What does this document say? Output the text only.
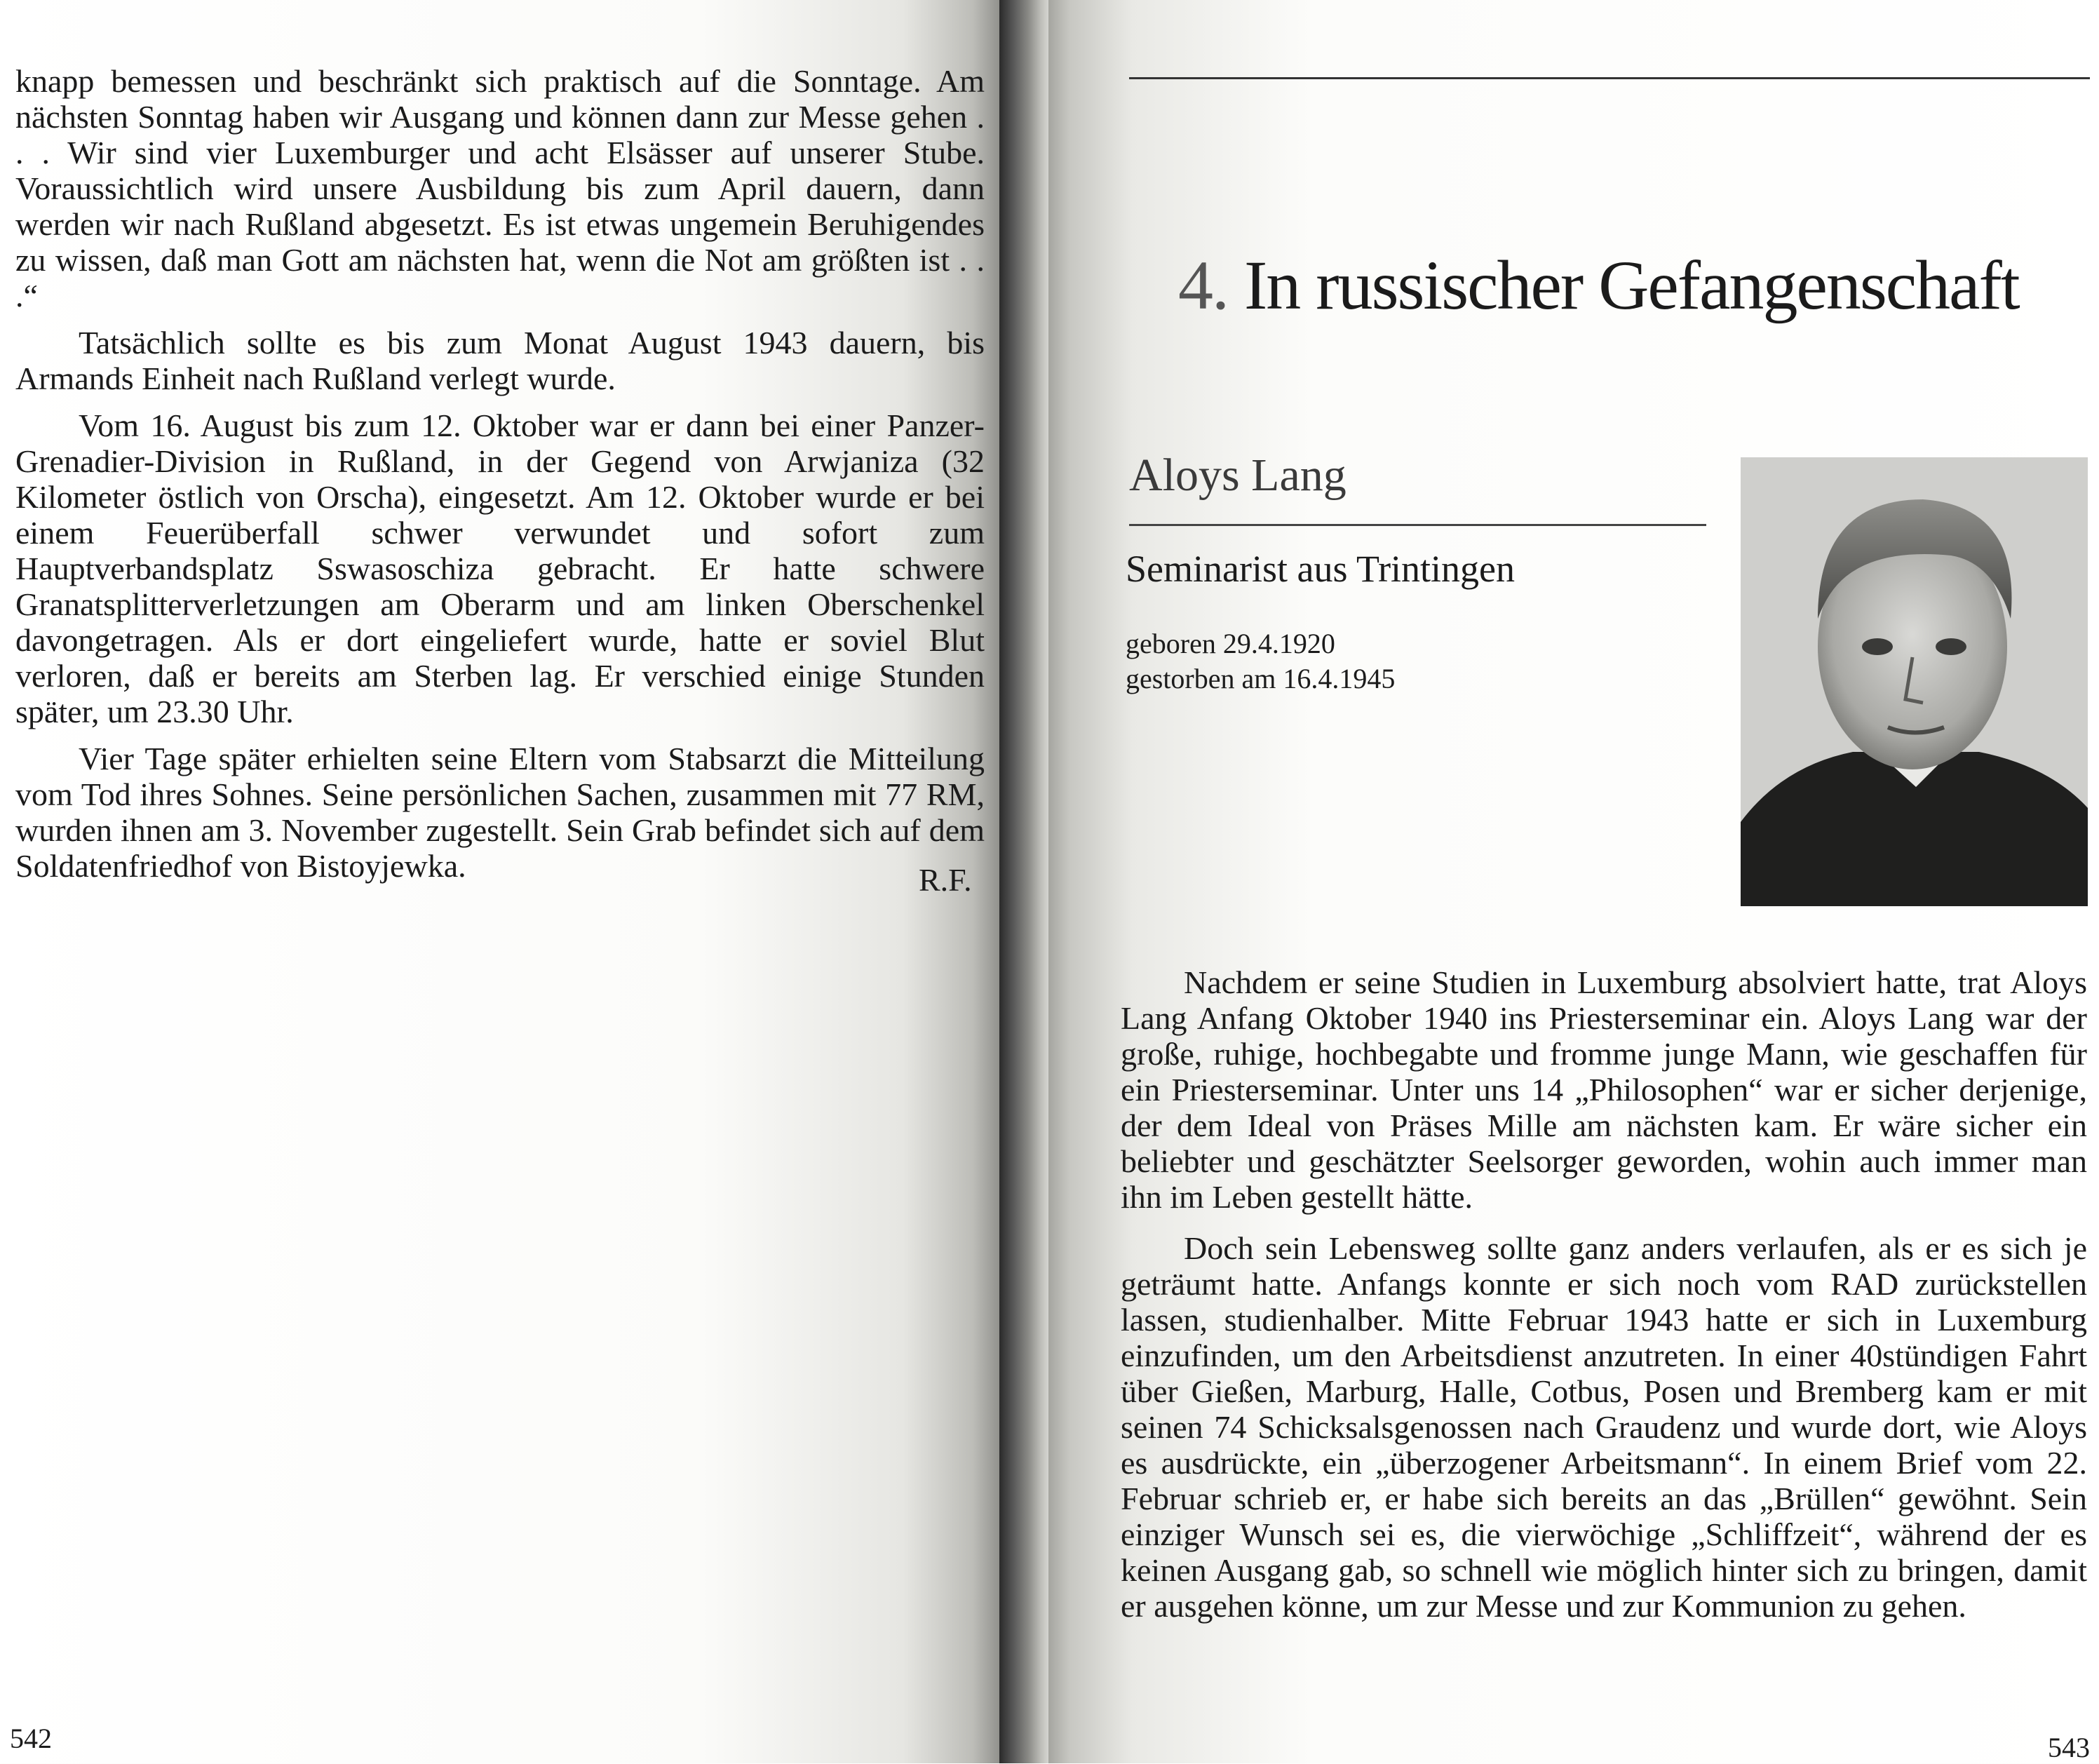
knapp bemessen und beschränkt sich praktisch auf die Sonntage. Am nächsten Sonntag haben wir Ausgang und können dann zur Messe gehen . . . Wir sind vier Luxemburger und acht Elsässer auf unserer Stube. Voraussichtlich wird unsere Ausbildung bis zum April dauern, dann werden wir nach Rußland abgesetzt. Es ist etwas ungemein Beruhigendes zu wissen, daß man Gott am nächsten hat, wenn die Not am größten ist . . .“

Tatsächlich sollte es bis zum Monat August 1943 dauern, bis Armands Einheit nach Rußland verlegt wurde.

Vom 16. August bis zum 12. Oktober war er dann bei einer Panzer-Grenadier-Division in Rußland, in der Gegend von Arwjaniza (32 Kilometer östlich von Orscha), eingesetzt. Am 12. Oktober wurde er bei einem Feuerüberfall schwer verwundet und sofort zum Hauptverbandsplatz Sswasoschiza gebracht. Er hatte schwere Granatsplitterverletzungen am Oberarm und am linken Oberschenkel davongetragen. Als er dort eingeliefert wurde, hatte er soviel Blut verloren, daß er bereits am Sterben lag. Er verschied einige Stunden später, um 23.30 Uhr.

Vier Tage später erhielten seine Eltern vom Stabsarzt die Mitteilung vom Tod ihres Sohnes. Seine persönlichen Sachen, zusammen mit 77 RM, wurden ihnen am 3. November zugestellt. Sein Grab befindet sich auf dem Soldatenfriedhof von Bistoyjewka.	R.F.
542
4. In russischer Gefangenschaft
Aloys Lang
Seminarist aus Trintingen
geboren 29.4.1920
gestorben am 16.4.1945

Nachdem er seine Studien in Luxemburg absolviert hatte, trat Aloys Lang Anfang Oktober 1940 ins Priesterseminar ein. Aloys Lang war der große, ruhige, hochbegabte und fromme junge Mann, wie geschaffen für ein Priesterseminar. Unter uns 14 „Philosophen“ war er sicher derjenige, der dem Ideal von Präses Mille am nächsten kam. Er wäre sicher ein beliebter und geschätzter Seelsorger geworden, wohin auch immer man ihn im Leben gestellt hätte.

Doch sein Lebensweg sollte ganz anders verlaufen, als er es sich je geträumt hatte. Anfangs konnte er sich noch vom RAD zurückstellen lassen, studienhalber. Mitte Februar 1943 hatte er sich in Luxemburg einzufinden, um den Arbeitsdienst anzutreten. In einer 40stündigen Fahrt über Gießen, Marburg, Halle, Cotbus, Posen und Bremberg kam er mit seinen 74 Schicksalsgenossen nach Graudenz und wurde dort, wie Aloys es ausdrückte, ein „überzogener Arbeitsmann“. In einem Brief vom 22. Februar schrieb er, er habe sich bereits an das „Brüllen“ gewöhnt. Sein einziger Wunsch sei es, die vierwöchige „Schliffzeit“, während der es keinen Ausgang gab, so schnell wie möglich hinter sich zu bringen, damit er ausgehen könne, um zur Messe und zur Kommunion zu gehen.

543
